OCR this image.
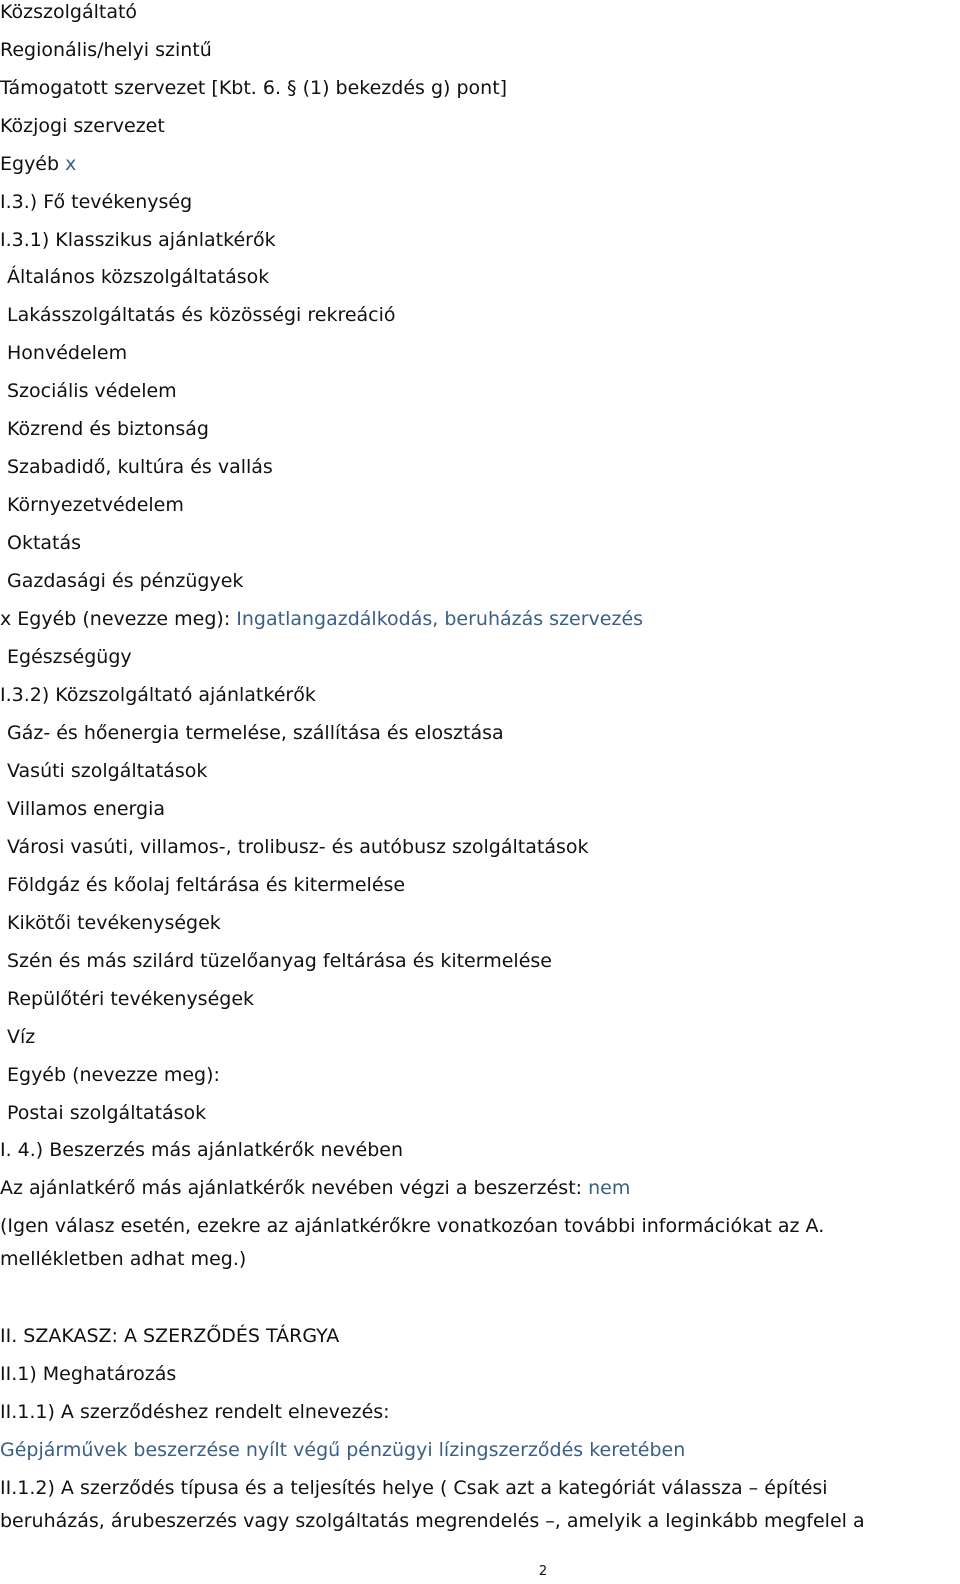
Közszolgáltató
Regionális/helyi szintű
Támogatott szervezet [Kbt. 6. § (1) bekezdés g) pont]
Közjogi szervezet
Egyéb x
I.3.) Fő tevékenység
I.3.1) Klasszikus ajánlatkérők
Általános közszolgáltatások
Lakásszolgáltatás és közösségi rekreáció
Honvédelem
Szociális védelem
Közrend és biztonság
Szabadidő, kultúra és vallás
Környezetvédelem
Oktatás
Gazdasági és pénzügyek
x Egyéb (nevezze meg): Ingatlangazdálkodás, beruházás szervezés
Egészségügy
I.3.2) Közszolgáltató ajánlatkérők
Gáz- és hőenergia termelése, szállítása és elosztása
Vasúti szolgáltatások
Villamos energia
Városi vasúti, villamos-, trolibusz- és autóbusz szolgáltatások
Földgáz és kőolaj feltárása és kitermelése
Kikötői tevékenységek
Szén és más szilárd tüzelőanyag feltárása és kitermelése
Repülőtéri tevékenységek
Víz
Egyéb (nevezze meg):
Postai szolgáltatások
I. 4.) Beszerzés más ajánlatkérők nevében
Az ajánlatkérő más ajánlatkérők nevében végzi a beszerzést: nem
(Igen válasz esetén, ezekre az ajánlatkérőkre vonatkozóan további információkat az A.
mellékletben adhat meg.)
II. SZAKASZ: A SZERZŐDÉS TÁRGYA
II.1) Meghatározás
II.1.1) A szerződéshez rendelt elnevezés:
Gépjárművek beszerzése nyílt végű pénzügyi lízingszerződés keretében
II.1.2) A szerződés típusa és a teljesítés helye ( Csak azt a kategóriát válassza – építési
beruházás, árubeszerzés vagy szolgáltatás megrendelés –, amelyik a leginkább megfelel a
2
